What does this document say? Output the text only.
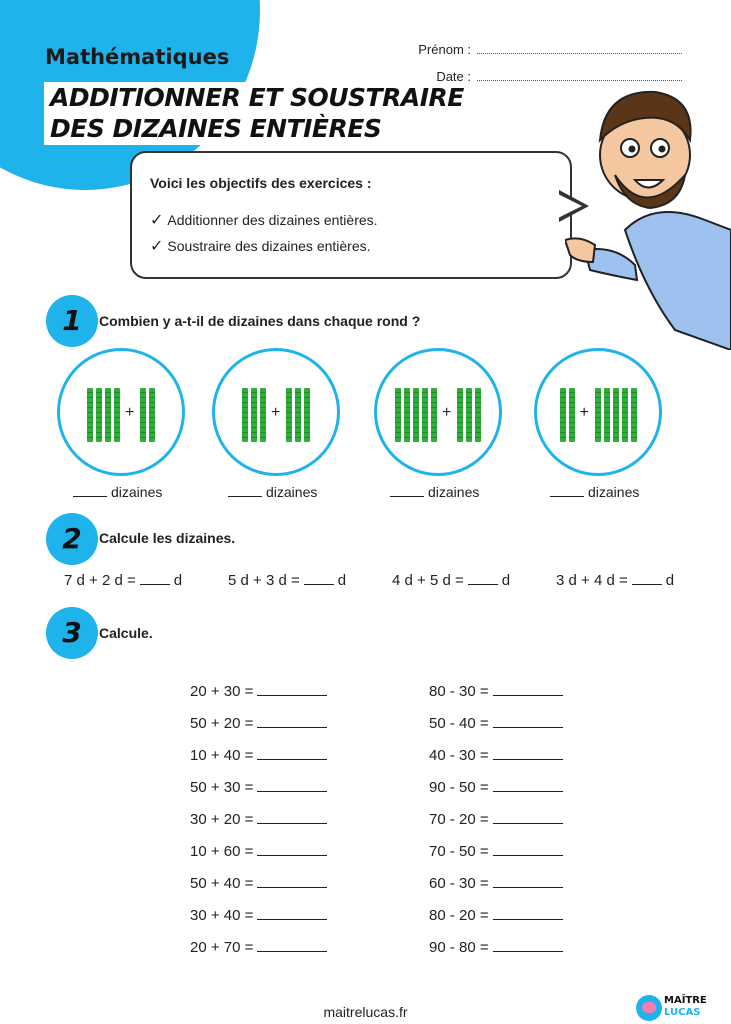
Mathématiques
ADDITIONNER ET SOUSTRAIRE
DES DIZAINES ENTIÈRES
Prénom :
Date :
Voici les objectifs des exercices :
✓ Additionner des dizaines entières.
✓ Soustraire des dizaines entières.
1	Combien y a-t-il de dizaines dans chaque rond ?
+
dizaines
+
dizaines
+
dizaines
+
dizaines
2	Calcule les dizaines.
7 d + 2 d =	d	5 d + 3 d =	d	4 d + 5 d =	d	3 d + 4 d =	d
3	Calcule.
20 + 30 =
50 + 20 =
10 + 40 =
50 + 30 =
30 + 20 =
10 + 60 =
50 + 40 =
30 + 40 =
20 + 70 =
80 - 30 =
50 - 40 =
40 - 30 =
90 - 50 =
70 - 20 =
70 - 50 =
60 - 30 =
80 - 20 =
90 - 80 =
maitrelucas.fr
MAÎTRE
LUCAS
